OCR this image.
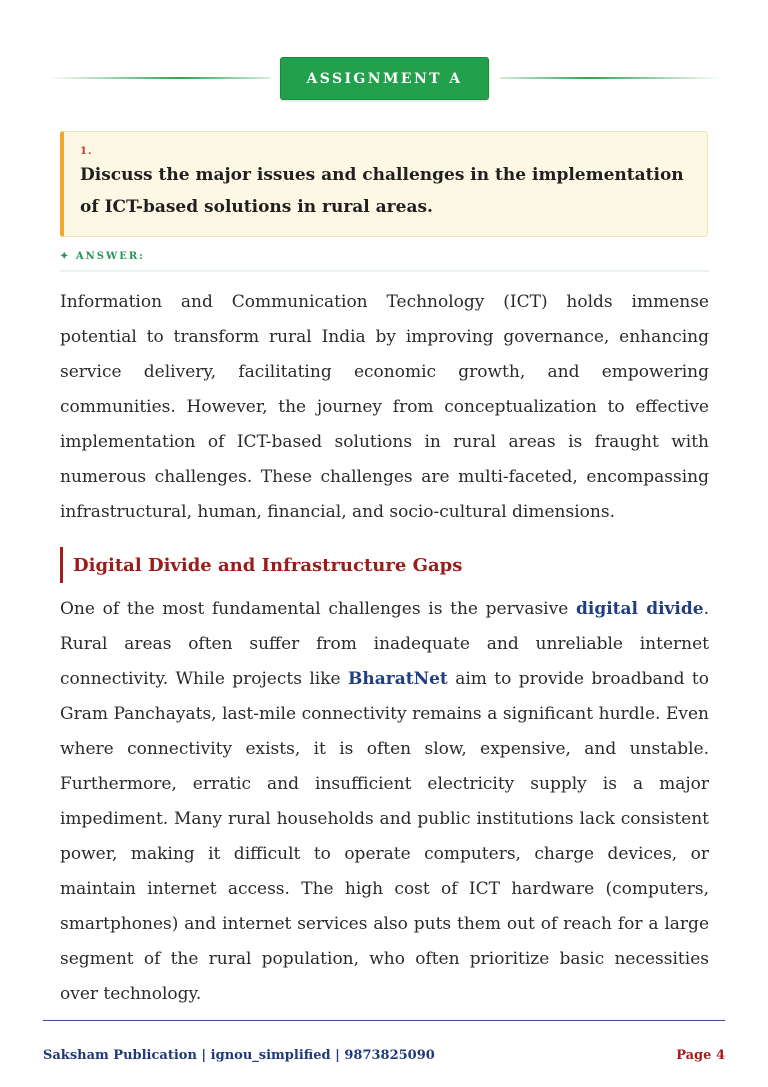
ASSIGNMENT A
1.

Discuss the major issues and challenges in the implementation of ICT-based solutions in rural areas.

✦ ANSWER:

Information and Communication Technology (ICT) holds immense potential to transform rural India by improving governance, enhancing service delivery, facilitating economic growth, and empowering communities. However, the journey from conceptualization to effective implementation of ICT-based solutions in rural areas is fraught with numerous challenges. These challenges are multi-faceted, encompassing infrastructural, human, financial, and socio-cultural dimensions.

Digital Divide and Infrastructure Gaps

One of the most fundamental challenges is the pervasive digital divide. Rural areas often suffer from inadequate and unreliable internet connectivity. While projects like BharatNet aim to provide broadband to Gram Panchayats, last-mile connectivity remains a significant hurdle. Even where connectivity exists, it is often slow, expensive, and unstable. Furthermore, erratic and insufficient electricity supply is a major impediment. Many rural households and public institutions lack consistent power, making it difficult to operate computers, charge devices, or maintain internet access. The high cost of ICT hardware (computers, smartphones) and internet services also puts them out of reach for a large segment of the rural population, who often prioritize basic necessities over technology.

Saksham Publication | ignou_simplified | 9873825090	Page 4
